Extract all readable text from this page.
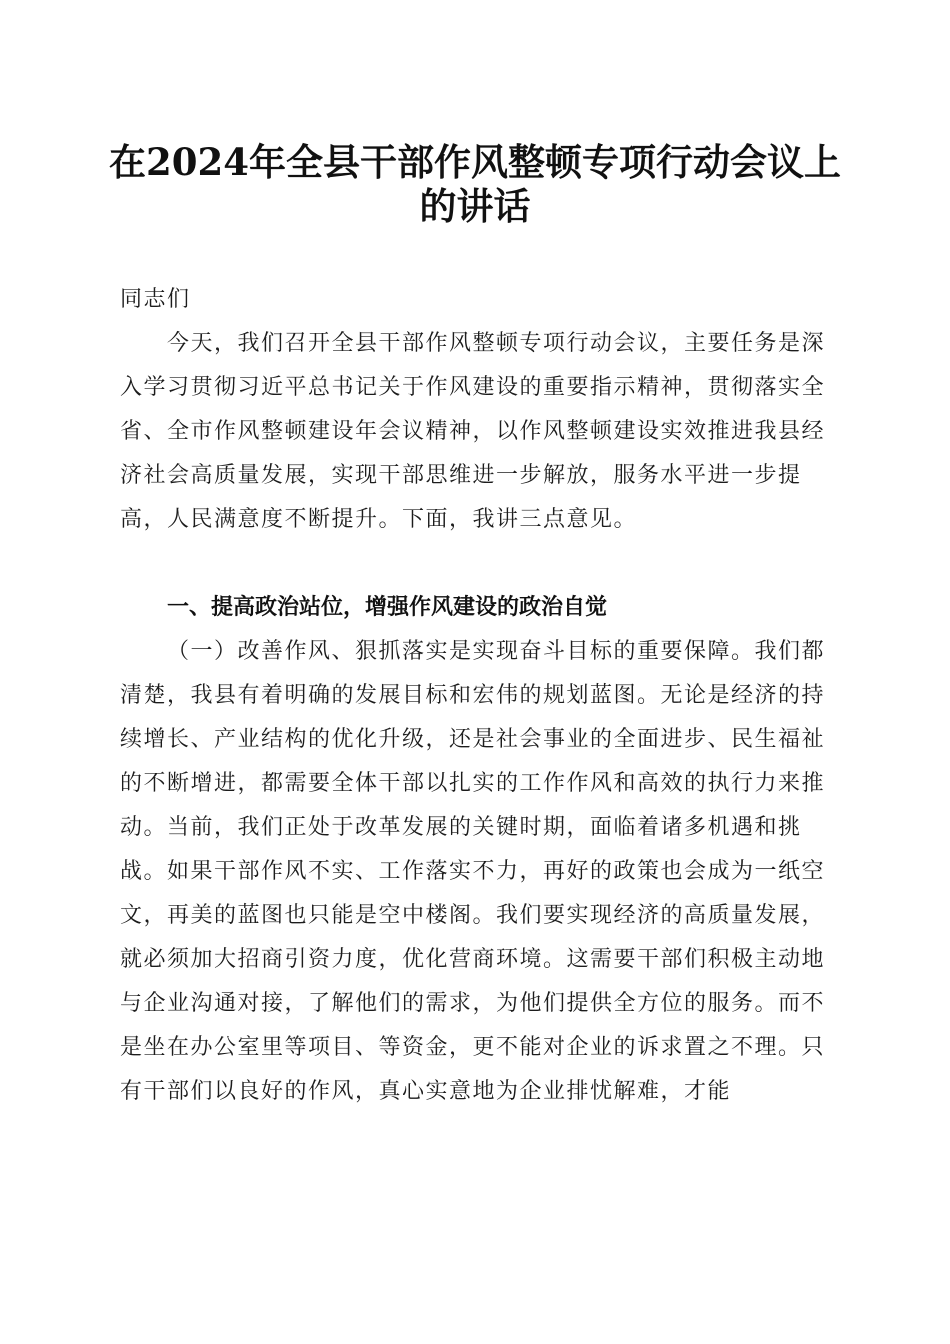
在2024年全县干部作风整顿专项行动会议上
的讲话

同志们

今天，我们召开全县干部作风整顿专项行动会议，主要任务是深入学习贯彻习近平总书记关于作风建设的重要指示精神，贯彻落实全省、全市作风整顿建设年会议精神，以作风整顿建设实效推进我县经济社会高质量发展，实现干部思维进一步解放，服务水平进一步提高，人民满意度不断提升。下面，我讲三点意见。

一、提高政治站位，增强作风建设的政治自觉

（一）改善作风、狠抓落实是实现奋斗目标的重要保障。我们都清楚，我县有着明确的发展目标和宏伟的规划蓝图。无论是经济的持续增长、产业结构的优化升级，还是社会事业的全面进步、民生福祉的不断增进，都需要全体干部以扎实的工作作风和高效的执行力来推动。当前，我们正处于改革发展的关键时期，面临着诸多机遇和挑战。如果干部作风不实、工作落实不力，再好的政策也会成为一纸空文，再美的蓝图也只能是空中楼阁。我们要实现经济的高质量发展，就必须加大招商引资力度，优化营商环境。这需要干部们积极主动地与企业沟通对接，了解他们的需求，为他们提供全方位的服务。而不是坐在办公室里等项目、等资金，更不能对企业的诉求置之不理。只有干部们以良好的作风，真心实意地为企业排忧解难，才能
